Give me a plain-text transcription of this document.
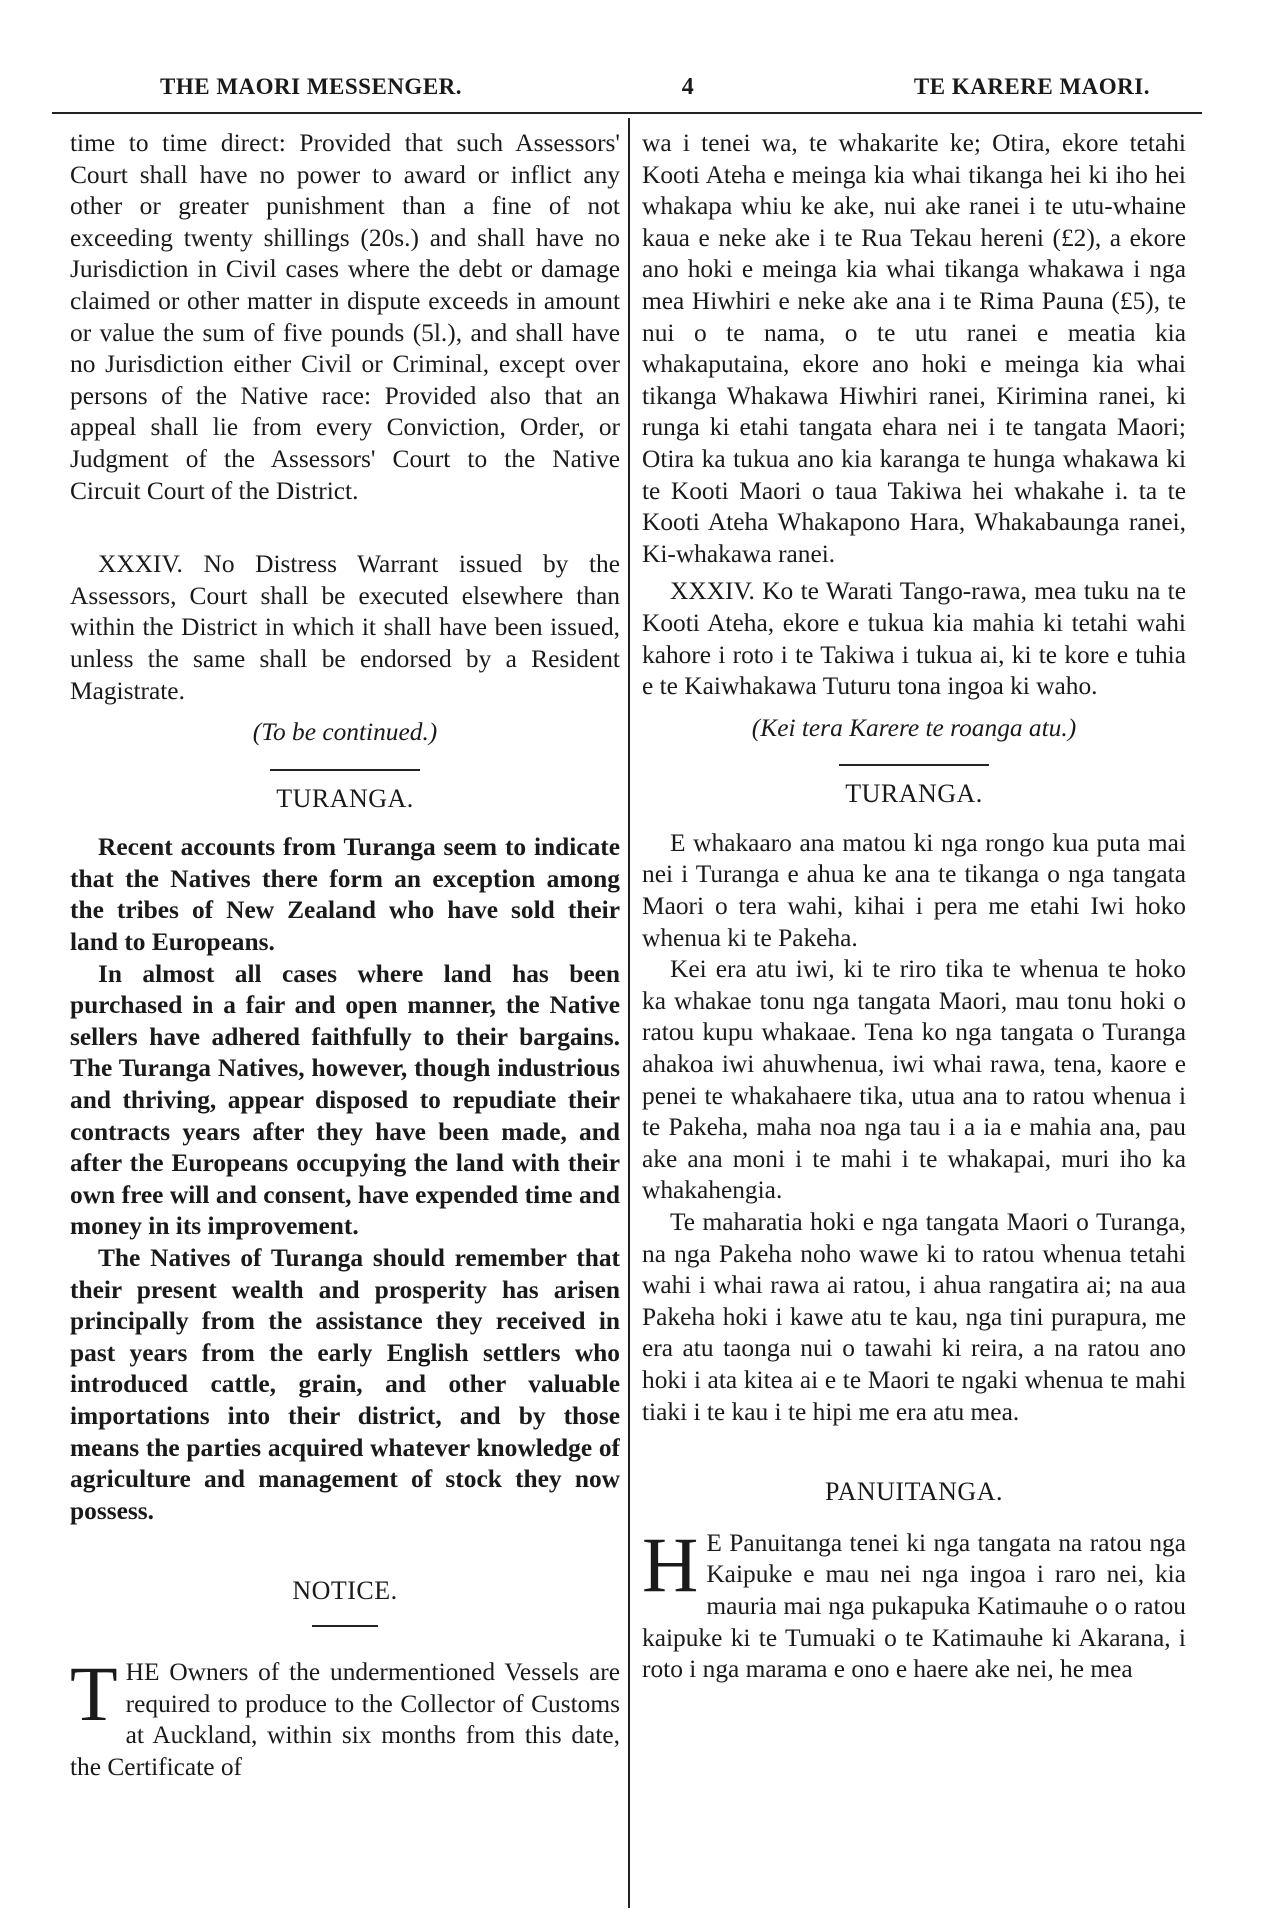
THE MAORI MESSENGER.	4	TE KARERE MAORI.

time to time direct: Provided that such Assessors' Court shall have no power to award or inflict any other or greater punishment than a fine of not exceeding twenty shillings (20s.) and shall have no Jurisdiction in Civil cases where the debt or damage claimed or other matter in dispute exceeds in amount or value the sum of five pounds (5l.), and shall have no Jurisdiction either Civil or Criminal, except over persons of the Native race: Provided also that an appeal shall lie from every Conviction, Order, or Judgment of the Assessors' Court to the Native Circuit Court of the District.

XXXIV. No Distress Warrant issued by the Assessors, Court shall be executed elsewhere than within the District in which it shall have been issued, unless the same shall be endorsed by a Resident Magistrate.

(To be continued.)

TURANGA.

Recent accounts from Turanga seem to indicate that the Natives there form an exception among the tribes of New Zealand who have sold their land to Europeans.

In almost all cases where land has been purchased in a fair and open manner, the Native sellers have adhered faithfully to their bargains. The Turanga Natives, however, though industrious and thriving, appear disposed to repudiate their contracts years after they have been made, and after the Europeans occupying the land with their own free will and consent, have expended time and money in its improvement.

The Natives of Turanga should remember that their present wealth and prosperity has arisen principally from the assistance they received in past years from the early English settlers who introduced cattle, grain, and other valuable importations into their district, and by those means the parties acquired whatever knowledge of agriculture and management of stock they now possess.

NOTICE.

THE Owners of the undermentioned Vessels are required to produce to the Collector of Customs at Auckland, within six months from this date, the Certificate of

wa i tenei wa, te whakarite ke; Otira, ekore tetahi Kooti Ateha e meinga kia whai tikanga hei ki iho hei whakapa whiu ke ake, nui ake ranei i te utu-whaine kaua e neke ake i te Rua Tekau hereni (£2), a ekore ano hoki e meinga kia whai tikanga whakawa i nga mea Hiwhiri e neke ake ana i te Rima Pauna (£5), te nui o te nama, o te utu ranei e meatia kia whakaputaina, ekore ano hoki e meinga kia whai tikanga Whakawa Hiwhiri ranei, Kirimina ranei, ki runga ki etahi tangata ehara nei i te tangata Maori; Otira ka tukua ano kia karanga te hunga whakawa ki te Kooti Maori o taua Takiwa hei whakahe i. ta te Kooti Ateha Whakapono Hara, Whakabaunga ranei, Ki-whakawa ranei.

XXXIV. Ko te Warati Tango-rawa, mea tuku na te Kooti Ateha, ekore e tukua kia mahia ki tetahi wahi kahore i roto i te Takiwa i tukua ai, ki te kore e tuhia e te Kaiwhakawa Tuturu tona ingoa ki waho.

(Kei tera Karere te roanga atu.)

TURANGA.

E whakaaro ana matou ki nga rongo kua puta mai nei i Turanga e ahua ke ana te tikanga o nga tangata Maori o tera wahi, kihai i pera me etahi Iwi hoko whenua ki te Pakeha.

Kei era atu iwi, ki te riro tika te whenua te hoko ka whakae tonu nga tangata Maori, mau tonu hoki o ratou kupu whakaae. Tena ko nga tangata o Turanga ahakoa iwi ahuwhenua, iwi whai rawa, tena, kaore e penei te whakahaere tika, utua ana to ratou whenua i te Pakeha, maha noa nga tau i a ia e mahia ana, pau ake ana moni i te mahi i te whakapai, muri iho ka whakahengia.

Te maharatia hoki e nga tangata Maori o Turanga, na nga Pakeha noho wawe ki to ratou whenua tetahi wahi i whai rawa ai ratou, i ahua rangatira ai; na aua Pakeha hoki i kawe atu te kau, nga tini purapura, me era atu taonga nui o tawahi ki reira, a na ratou ano hoki i ata kitea ai e te Maori te ngaki whenua te mahi tiaki i te kau i te hipi me era atu mea.

PANUITANGA.

HE Panuitanga tenei ki nga tangata na ratou nga Kaipuke e mau nei nga ingoa i raro nei, kia mauria mai nga pukapuka Katimauhe o o ratou kaipuke ki te Tumuaki o te Katimauhe ki Akarana, i roto i nga marama e ono e haere ake nei, he mea
